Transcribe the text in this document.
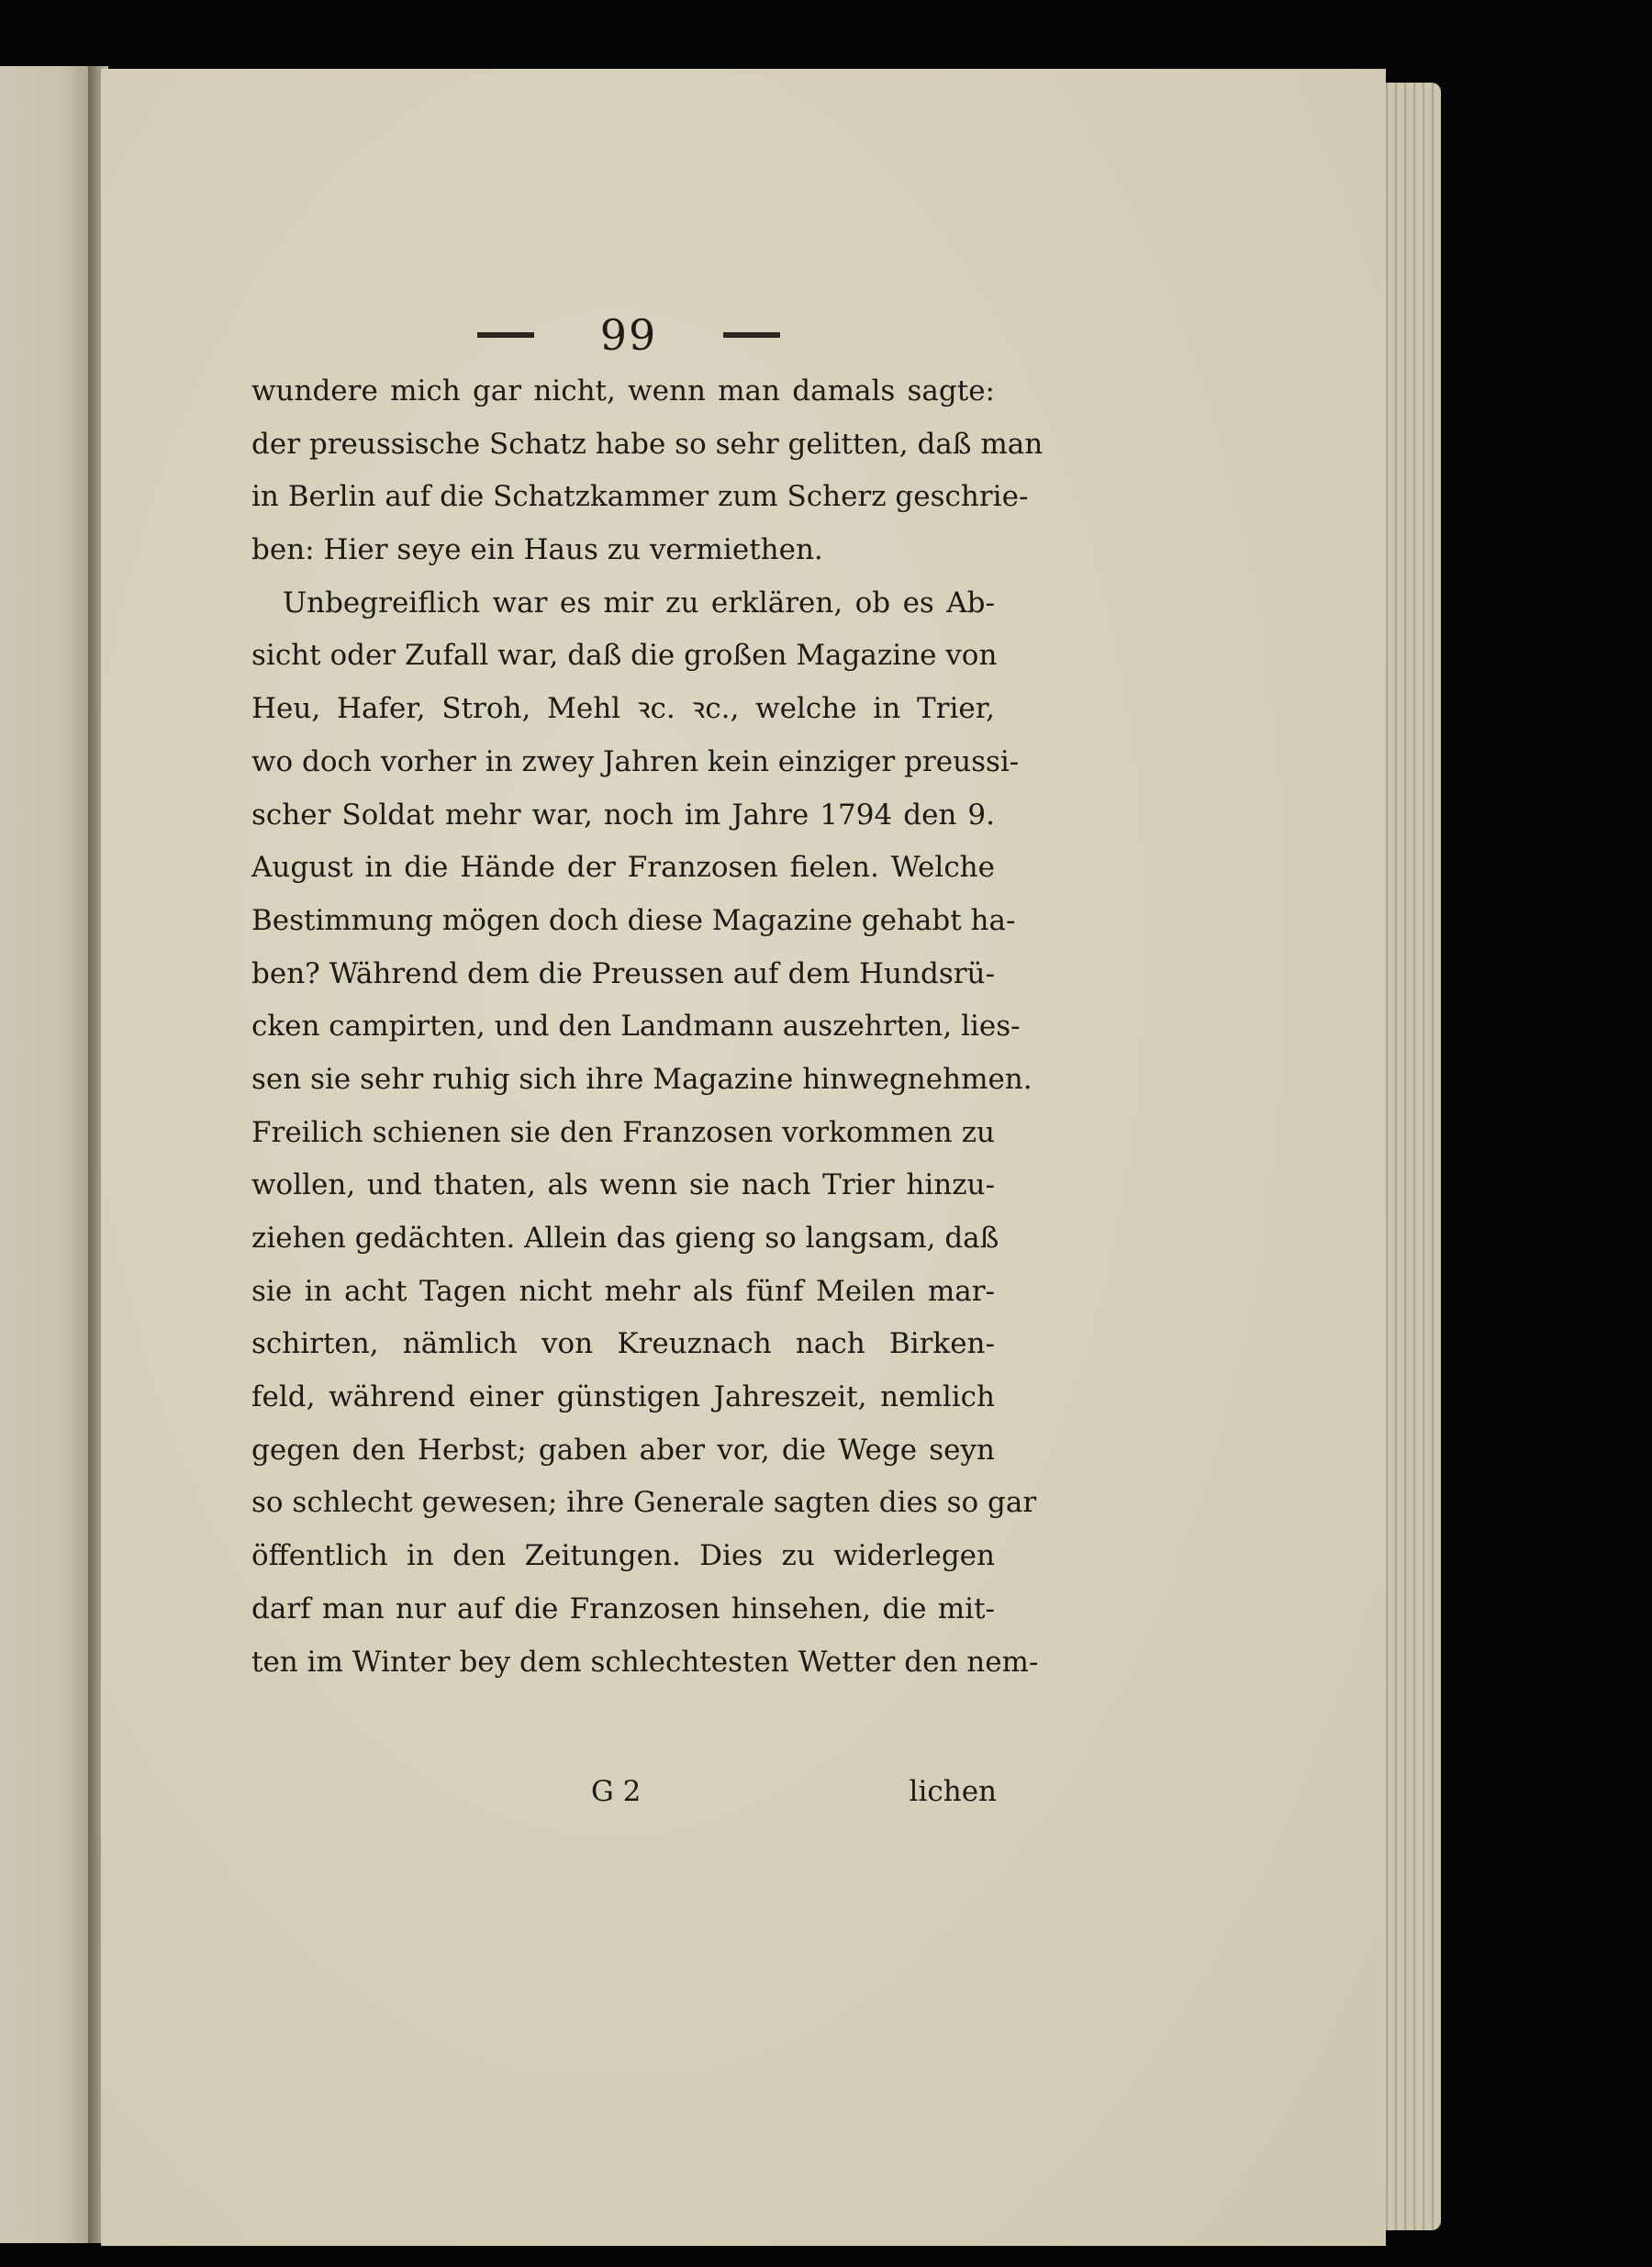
99
wundere mich gar nicht, wenn man damals sagte:
der preussische Schatz habe so sehr gelitten, daß man
in Berlin auf die Schatzkammer zum Scherz geschrie-
ben: Hier seye ein Haus zu vermiethen.
Unbegreiflich war es mir zu erklären, ob es Ab-
sicht oder Zufall war, daß die großen Magazine von
Heu, Hafer, Stroh, Mehl ꝛc. ꝛc., welche in Trier,
wo doch vorher in zwey Jahren kein einziger preussi-
scher Soldat mehr war, noch im Jahre 1794 den 9.
August in die Hände der Franzosen fielen. Welche
Bestimmung mögen doch diese Magazine gehabt ha-
ben? Während dem die Preussen auf dem Hundsrü-
cken campirten, und den Landmann auszehrten, lies-
sen sie sehr ruhig sich ihre Magazine hinwegnehmen.
Freilich schienen sie den Franzosen vorkommen zu
wollen, und thaten, als wenn sie nach Trier hinzu-
ziehen gedächten. Allein das gieng so langsam, daß
sie in acht Tagen nicht mehr als fünf Meilen mar-
schirten, nämlich von Kreuznach nach Birken-
feld, während einer günstigen Jahreszeit, nemlich
gegen den Herbst; gaben aber vor, die Wege seyn
so schlecht gewesen; ihre Generale sagten dies so gar
öffentlich in den Zeitungen. Dies zu widerlegen
darf man nur auf die Franzosen hinsehen, die mit-
ten im Winter bey dem schlechtesten Wetter den nem-
G 2	lichen
